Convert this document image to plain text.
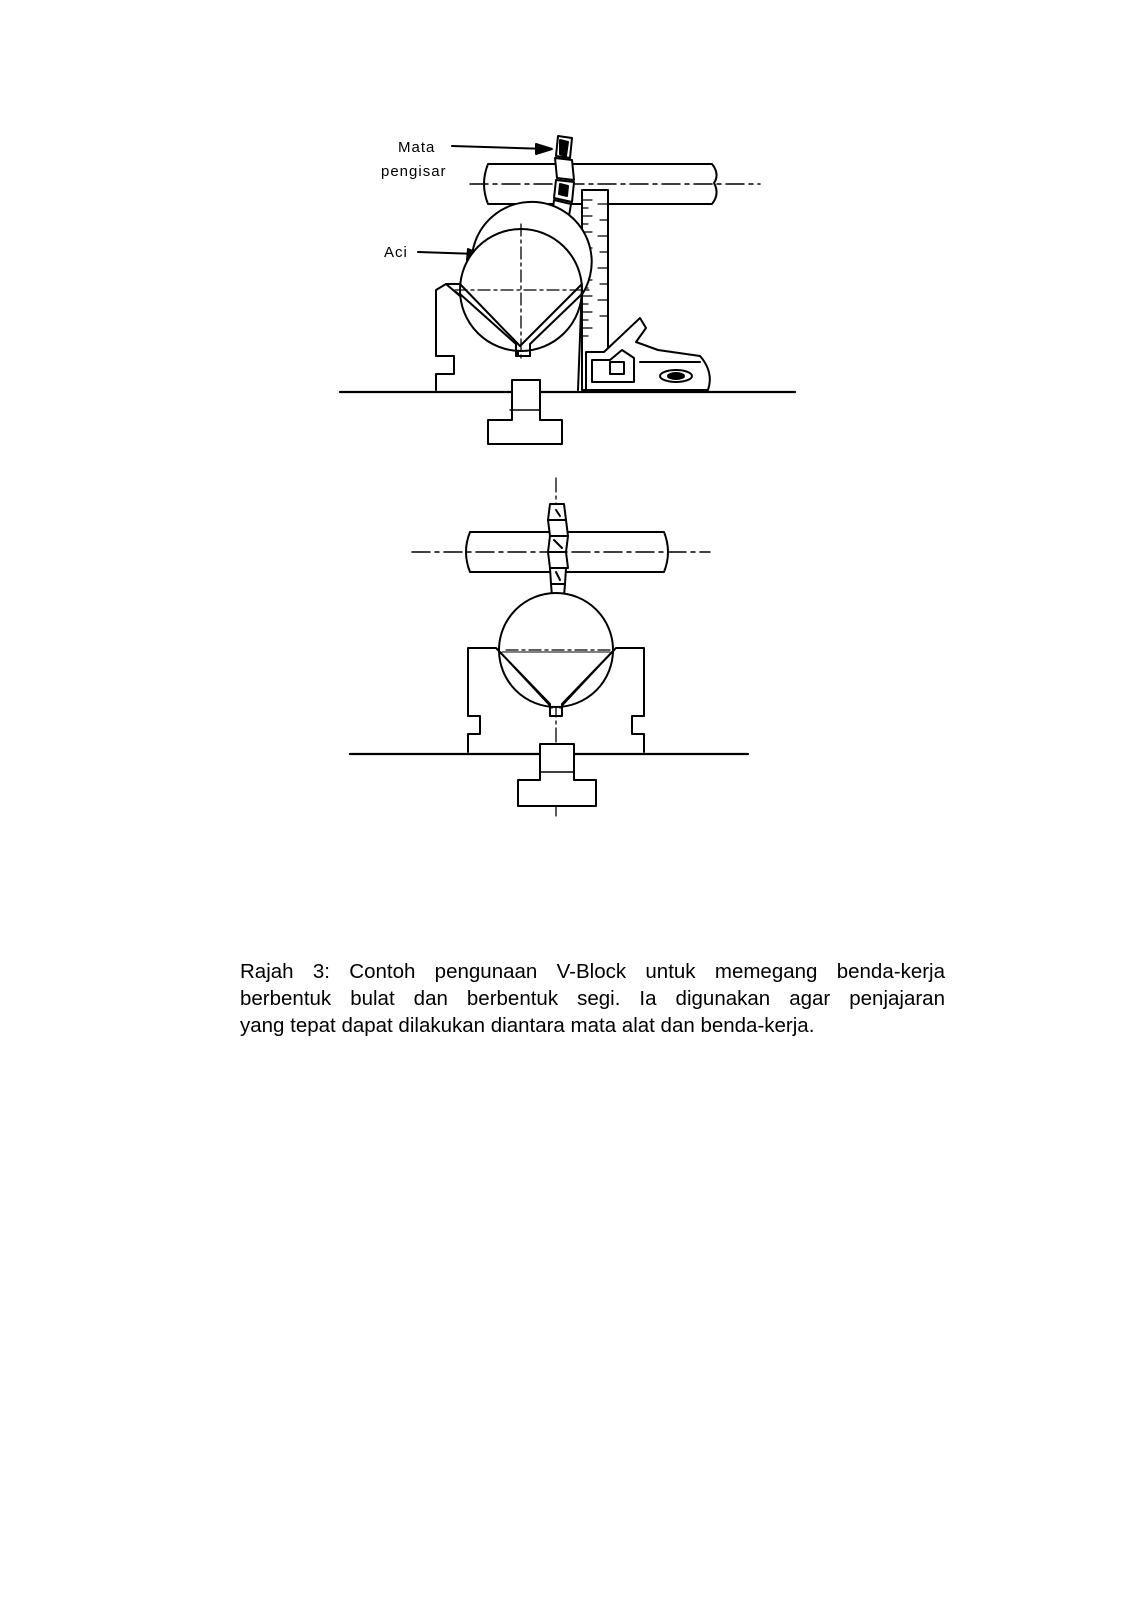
Mata
pengisar
Aci

Rajah 3: Contoh pengunaan V-Block untuk memegang benda-kerja
berbentuk bulat dan berbentuk segi. Ia digunakan agar penjajaran
yang tepat dapat dilakukan diantara mata alat dan benda-kerja.
